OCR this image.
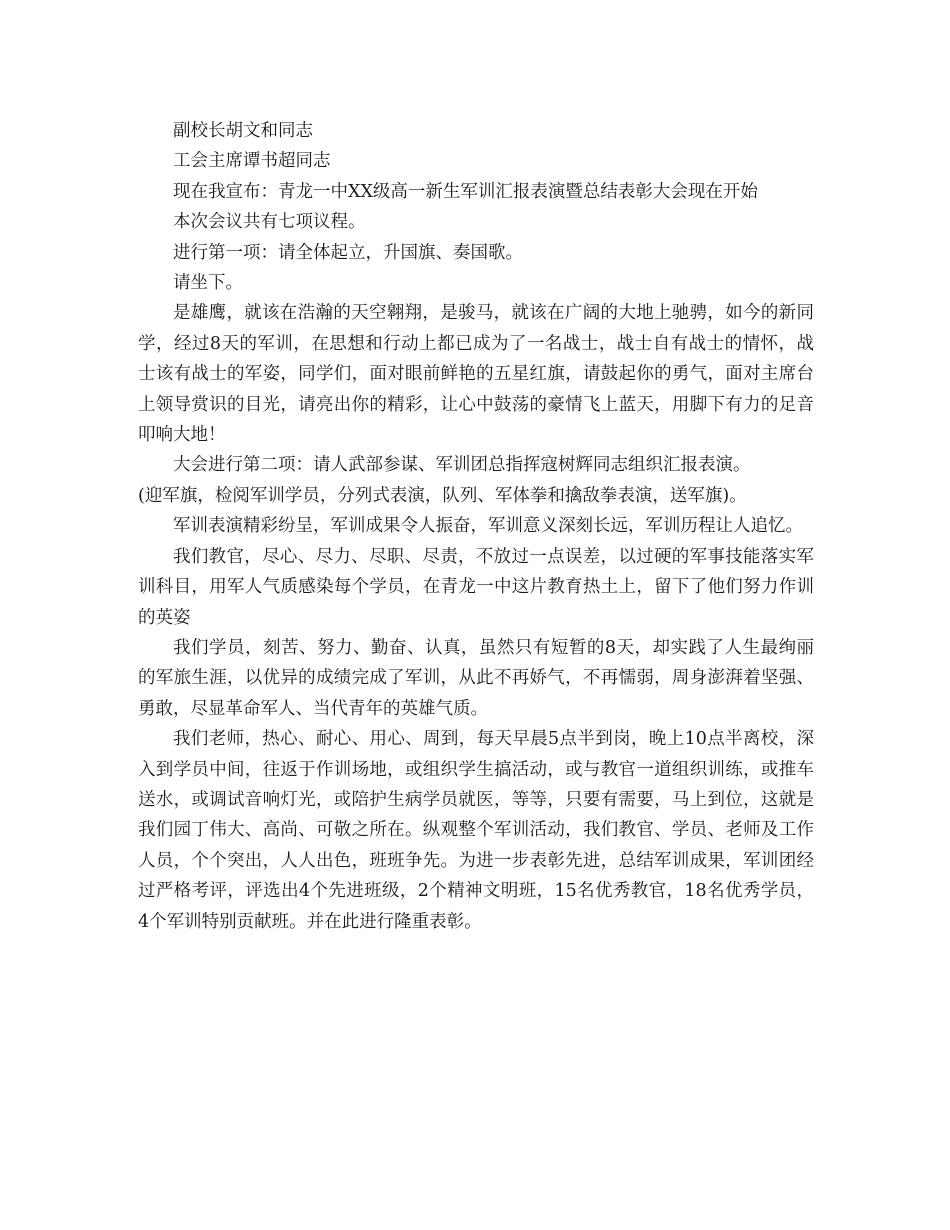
副校长胡文和同志

工会主席谭书超同志

现在我宣布：青龙一中XX级高一新生军训汇报表演暨总结表彰大会现在开始

本次会议共有七项议程。

进行第一项：请全体起立，升国旗、奏国歌。

请坐下。

是雄鹰，就该在浩瀚的天空翱翔，是骏马，就该在广阔的大地上驰骋，如今的新同学，经过8天的军训，在思想和行动上都已成为了一名战士，战士自有战士的情怀，战士该有战士的军姿，同学们，面对眼前鲜艳的五星红旗，请鼓起你的勇气，面对主席台上领导赏识的目光，请亮出你的精彩，让心中鼓荡的豪情飞上蓝天，用脚下有力的足音叩响大地！

大会进行第二项：请人武部参谋、军训团总指挥寇树辉同志组织汇报表演。

(迎军旗，检阅军训学员，分列式表演，队列、军体拳和擒敌拳表演，送军旗)。

军训表演精彩纷呈，军训成果令人振奋，军训意义深刻长远，军训历程让人追忆。

我们教官，尽心、尽力、尽职、尽责，不放过一点误差，以过硬的军事技能落实军训科目，用军人气质感染每个学员，在青龙一中这片教育热土上，留下了他们努力作训的英姿

我们学员，刻苦、努力、勤奋、认真，虽然只有短暂的8天，却实践了人生最绚丽的军旅生涯，以优异的成绩完成了军训，从此不再娇气，不再懦弱，周身澎湃着坚强、勇敢，尽显革命军人、当代青年的英雄气质。

我们老师，热心、耐心、用心、周到，每天早晨5点半到岗，晚上10点半离校，深入到学员中间，往返于作训场地，或组织学生搞活动，或与教官一道组织训练，或推车送水，或调试音响灯光，或陪护生病学员就医，等等，只要有需要，马上到位，这就是我们园丁伟大、高尚、可敬之所在。纵观整个军训活动，我们教官、学员、老师及工作人员，个个突出，人人出色，班班争先。为进一步表彰先进，总结军训成果，军训团经过严格考评，评选出4个先进班级，2个精神文明班，15名优秀教官，18名优秀学员， 4个军训特别贡献班。并在此进行隆重表彰。
